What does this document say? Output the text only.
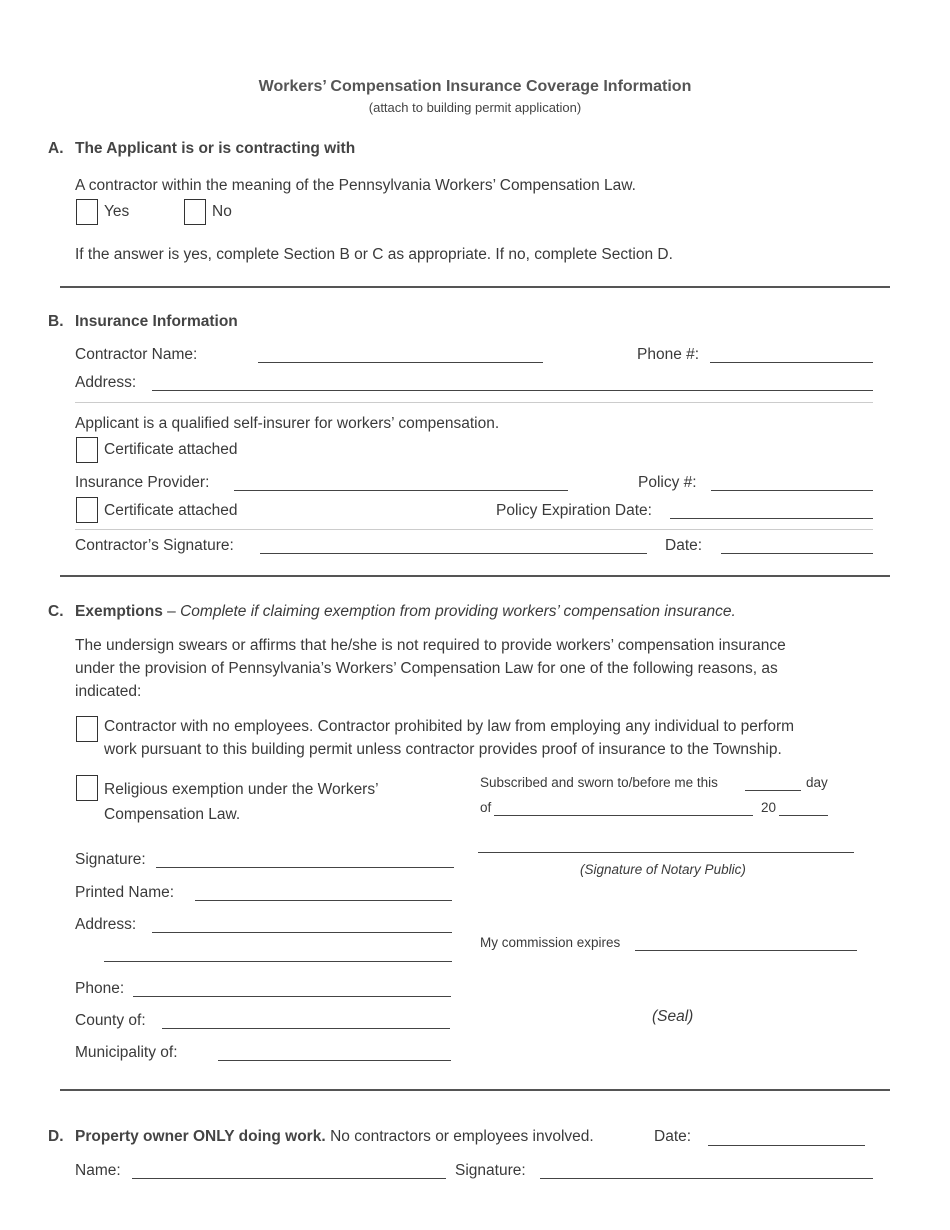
Workers’ Compensation Insurance Coverage Information
(attach to building permit application)
A. The Applicant is or is contracting with
A contractor within the meaning of the Pennsylvania Workers’ Compensation Law.
Yes	No
If the answer is yes, complete Section B or C as appropriate. If no, complete Section D.
B. Insurance Information
Contractor Name:	Phone #:
Address:
Applicant is a qualified self-insurer for workers’ compensation.
Certificate attached
Insurance Provider:	Policy #:
Certificate attached	Policy Expiration Date:
Contractor’s Signature:	Date:
C. Exemptions – Complete if claiming exemption from providing workers’ compensation insurance.
The undersign swears or affirms that he/she is not required to provide workers’ compensation insurance
under the provision of Pennsylvania’s Workers’ Compensation Law for one of the following reasons, as
indicated:
Contractor with no employees. Contractor prohibited by law from employing any individual to perform
work pursuant to this building permit unless contractor provides proof of insurance to the Township.
Religious exemption under the Workers’
Compensation Law.
Subscribed and sworn to/before me this	day
of	20
(Signature of Notary Public)
Signature:
Printed Name:
Address:
My commission expires
Phone:
County of:	(Seal)
Municipality of:
D. Property owner ONLY doing work. No contractors or employees involved.	Date:
Name:	Signature:
